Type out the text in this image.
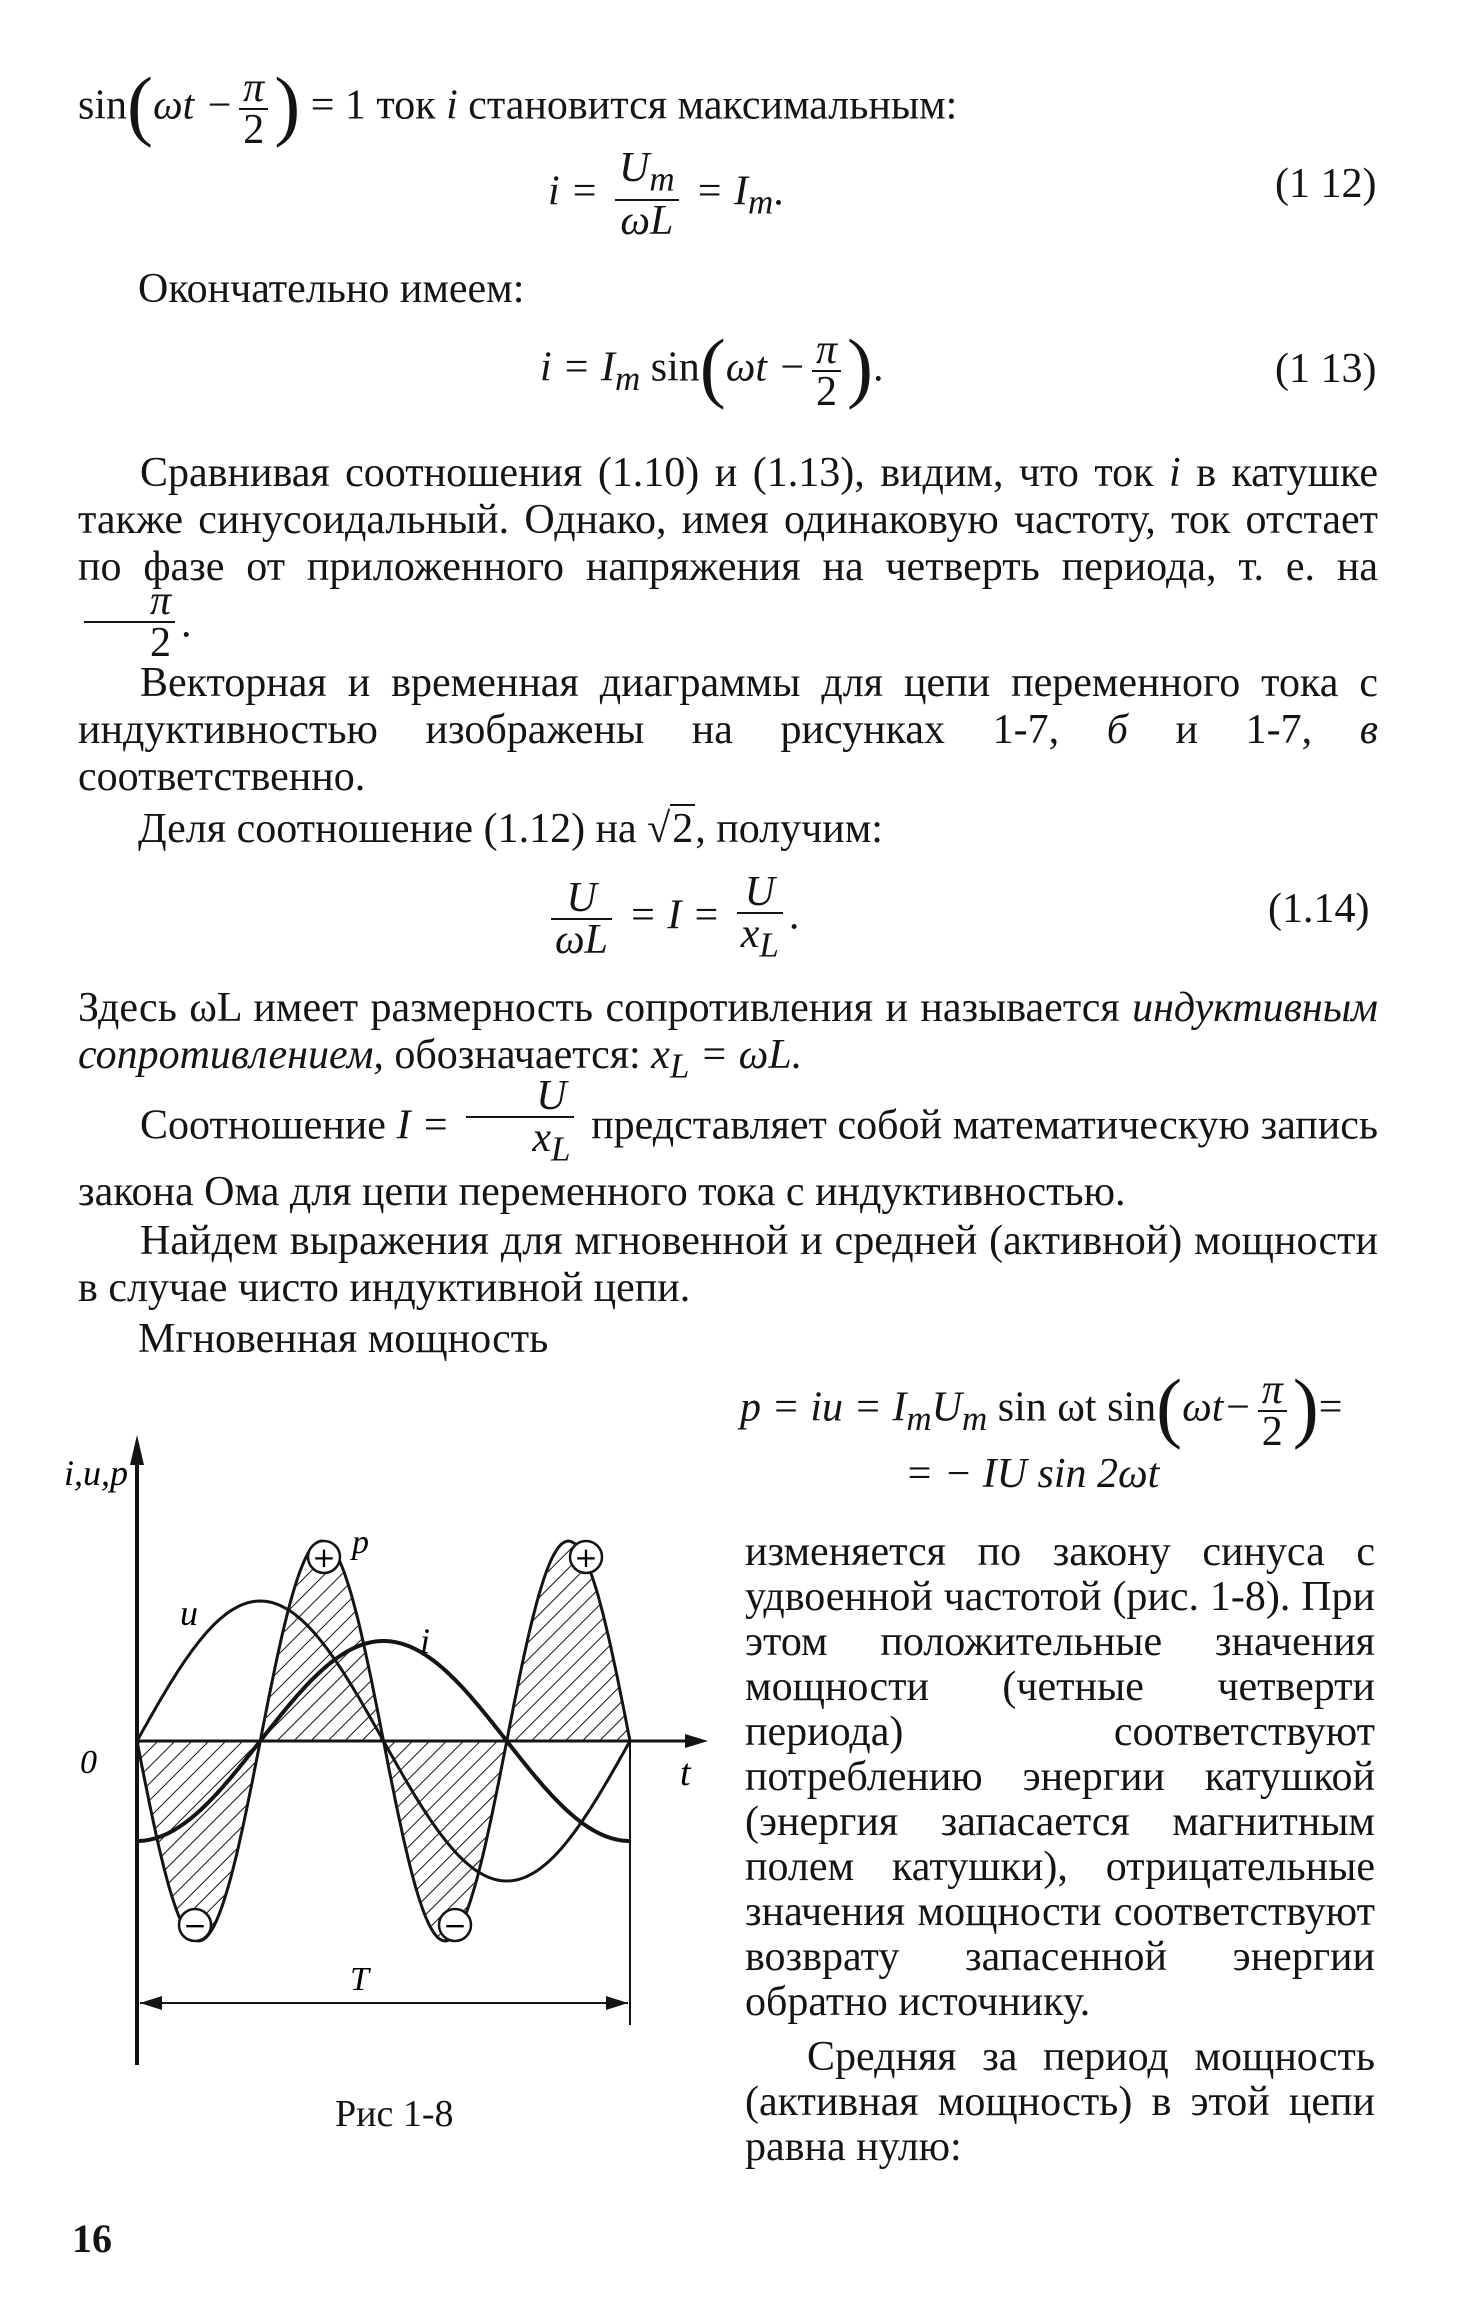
$\sin(\omega t - \frac{\pi}{2}$ ) = 1 ток i становится максимальным:
$i = \frac{U_m}{\omega L} = I_m$.	(1 12)
Окончательно имеем:
$i = I_m$ $\sin(\omega t - \frac{\pi}{2}$ ).	(1 13)

Сравнивая соотношения (1.10) и (1.13), видим, что ток i в катушке также синусоидальный. Однако, имея одинаковую частоту, ток отстает по фазе от приложенного напряжения на четверть периода, т. е. на
$\frac{\pi}{2}$ .

Векторная и временная диаграммы для цепи переменного тока с индуктивностью изображены на рисунках 1-7, б и 1-7, в соответственно.

Деля соотношение (1.12) на √2, получим:
$\frac{U}{\omega L} = I = \frac{U}{x_L}$ .	(1.14)

Здесь ωL имеет размерность сопротивления и называется индуктивным сопротивлением, обозначается: $x_L = \omega L$.

Соотношение $I = \frac{U}{x_L}$ представляет собой математическую запись закона Ома для цепи переменного тока с индуктивностью.

Найдем выражения для мгновенной и средней (активной) мощности в случае чисто индуктивной цепи.

Мгновенная мощность
p = iu = $I_mU_m$ sin ωt $\sin(\omega t- \frac{\pi}{2}$ )=
= − IU sin 2ωt

изменяется по закону синуса с удвоенной частотой (рис. 1-8). При этом положительные значения мощности (четные четверти периода) соответствуют потреблению энергии катушкой (энергия запасается магнитным полем катушки), отрицательные значения мощности соответствуют возврату запасенной энергии обратно источнику.

Средняя за период мощность (активная мощность) в этой цепи равна нулю:

−
+
−
+
i,u,p
0	t
u
i
p
T
Рис 1-8
16
